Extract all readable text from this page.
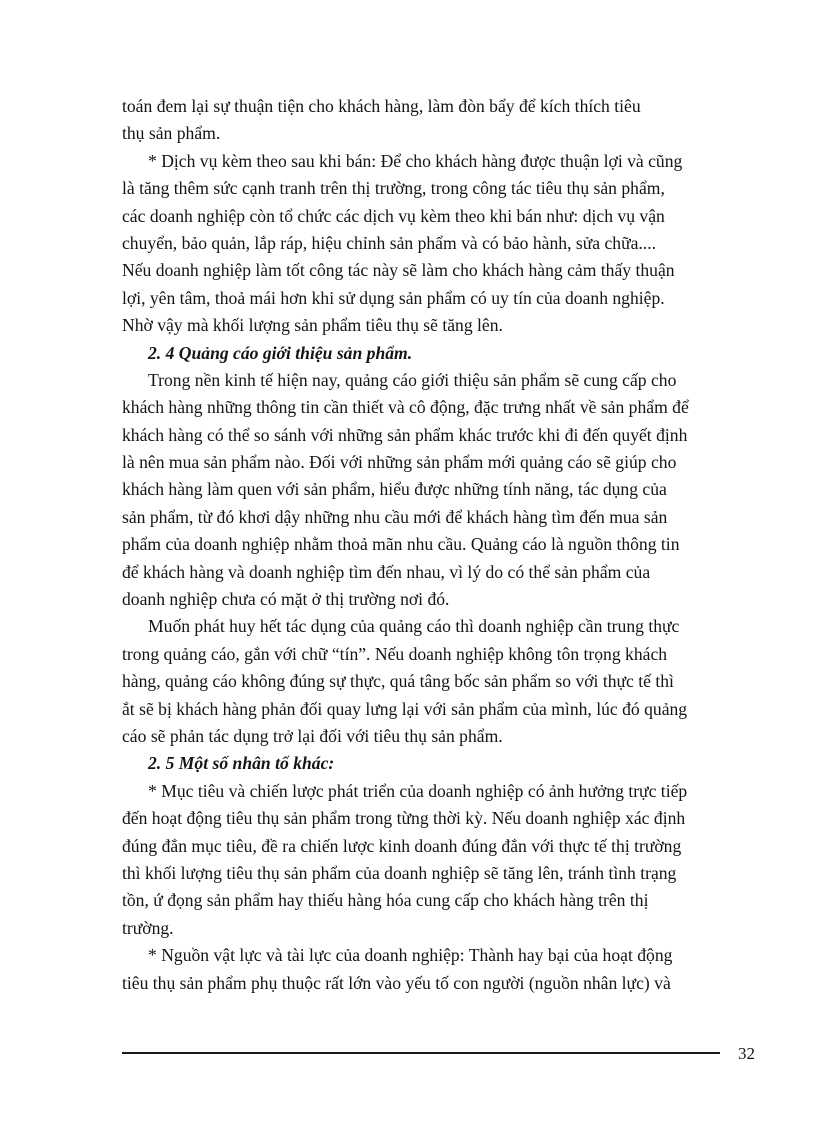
toán đem lại sự thuận tiện cho khách hàng, làm đòn bẩy để kích thích tiêu
thụ sản phẩm.
* Dịch vụ kèm theo sau khi bán: Để cho khách hàng được thuận lợi và cũng
là tăng thêm sức cạnh tranh trên thị trường, trong công tác tiêu thụ sản phẩm,
các doanh nghiệp còn tổ chức các dịch vụ kèm theo khi bán như: dịch vụ vận
chuyển, bảo quản, lắp ráp, hiệu chỉnh sản phẩm và có bảo hành, sửa chữa....
Nếu doanh nghiệp làm tốt công tác này sẽ làm cho khách hàng cảm thấy thuận
lợi, yên tâm, thoả mái hơn khi sử dụng sản phẩm có uy tín của doanh nghiệp.
Nhờ vậy mà khối lượng sản phẩm tiêu thụ sẽ tăng lên.
2. 4 Quảng cáo giới thiệu sản phẩm.
Trong nền kinh tế hiện nay, quảng cáo giới thiệu sản phẩm sẽ cung cấp cho
khách hàng những thông tin cần thiết và cô động, đặc trưng nhất về sản phẩm để
khách hàng có thể so sánh với những sản phẩm khác trước khi đi đến quyết định
là nên mua sản phẩm nào. Đối với những sản phẩm mới quảng cáo sẽ giúp cho
khách hàng làm quen với sản phẩm, hiểu được những tính năng, tác dụng của
sản phẩm, từ đó khơi dậy những nhu cầu mới để khách hàng tìm đến mua sản
phẩm của doanh nghiệp nhằm thoả mãn nhu cầu. Quảng cáo là nguồn thông tin
để khách hàng và doanh nghiệp tìm đến nhau, vì lý do có thể sản phẩm của
doanh nghiệp chưa có mặt ở thị trường nơi đó.
Muốn phát huy hết tác dụng của quảng cáo thì doanh nghiệp cần trung thực
trong quảng cáo, gắn với chữ “tín”. Nếu doanh nghiệp không tôn trọng khách
hàng, quảng cáo không đúng sự thực, quá tâng bốc sản phẩm so với thực tế thì
ắt sẽ bị khách hàng phản đối quay lưng lại với sản phẩm của mình, lúc đó quảng
cáo sẽ phản tác dụng trở lại đối với tiêu thụ sản phẩm.
2. 5 Một số nhân tố khác:
* Mục tiêu và chiến lược phát triển của doanh nghiệp có ảnh hưởng trực tiếp
đến hoạt động tiêu thụ sản phẩm trong từng thời kỳ. Nếu doanh nghiệp xác định
đúng đắn mục tiêu, đề ra chiến lược kinh doanh đúng đắn với thực tế thị trường
thì khối lượng tiêu thụ sản phẩm của doanh nghiệp sẽ tăng lên, tránh tình trạng
tồn, ứ đọng sản phẩm hay thiếu hàng hóa cung cấp cho khách hàng trên thị
trường.
* Nguồn vật lực và tài lực của doanh nghiệp: Thành hay bại của hoạt động
tiêu thụ sản phẩm phụ thuộc rất lớn vào yếu tố con người (nguồn nhân lực) và
32
